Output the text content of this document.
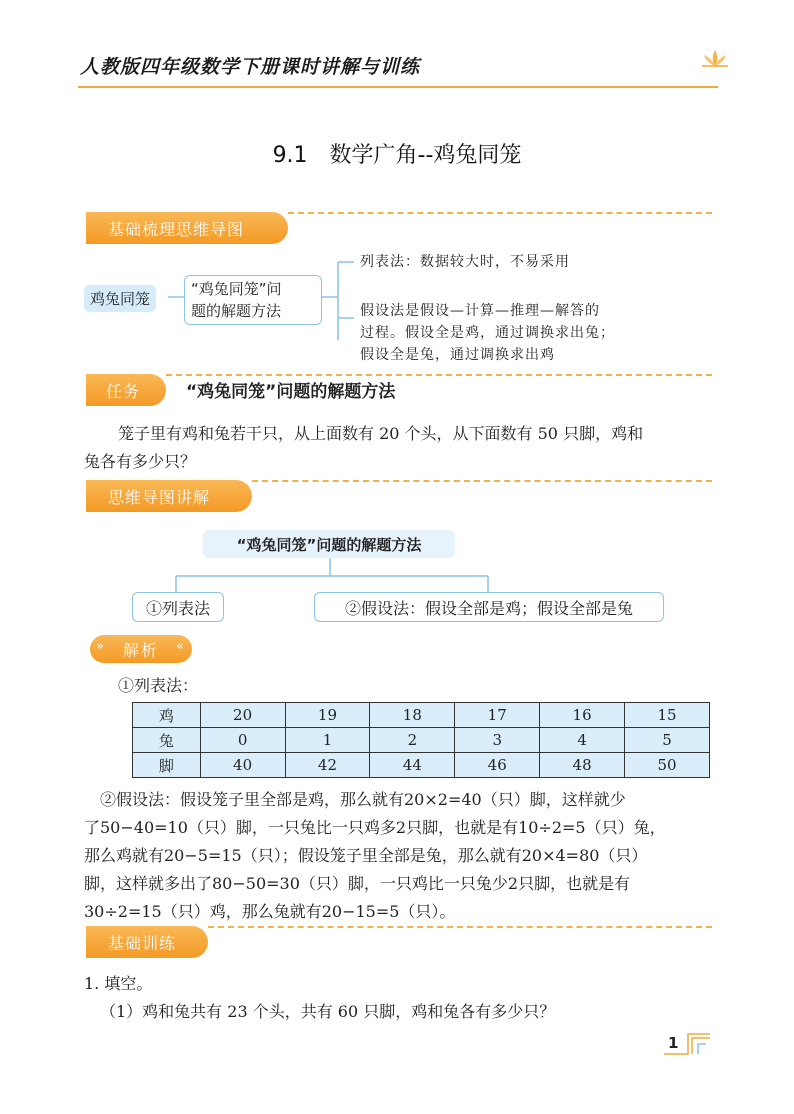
人教版四年级数学下册课时讲解与训练
9.1　数学广角--鸡兔同笼
基础梳理思维导图
鸡兔同笼
“鸡兔同笼”问
题的解题方法
列表法：数据较大时，不易采用
假设法是假设—计算—推理—解答的
过程。假设全是鸡，通过调换求出兔；
假设全是兔，通过调换求出鸡
任务	“鸡兔同笼”问题的解题方法
笼子里有鸡和兔若干只，从上面数有 20 个头，从下面数有 50 只脚，鸡和
兔各有多少只？
思维导图讲解
“鸡兔同笼”问题的解题方法
①列表法	②假设法：假设全部是鸡；假设全部是兔
» 解析 «
①列表法：
鸡	20	19	18	17	16	15
兔	0	1	2	3	4	5
脚	40	42	44	46	48	50
②假设法：假设笼子里全部是鸡，那么就有20×2=40（只）脚，这样就少
了50−40=10（只）脚，一只兔比一只鸡多2只脚，也就是有10÷2=5（只）兔，
那么鸡就有20−5=15（只）；假设笼子里全部是兔，那么就有20×4=80（只）
脚，这样就多出了80−50=30（只）脚，一只鸡比一只兔少2只脚，也就是有
30÷2=15（只）鸡，那么兔就有20−15=5（只）。
基础训练
1. 填空。
（1）鸡和兔共有 23 个头，共有 60 只脚，鸡和兔各有多少只？
1
